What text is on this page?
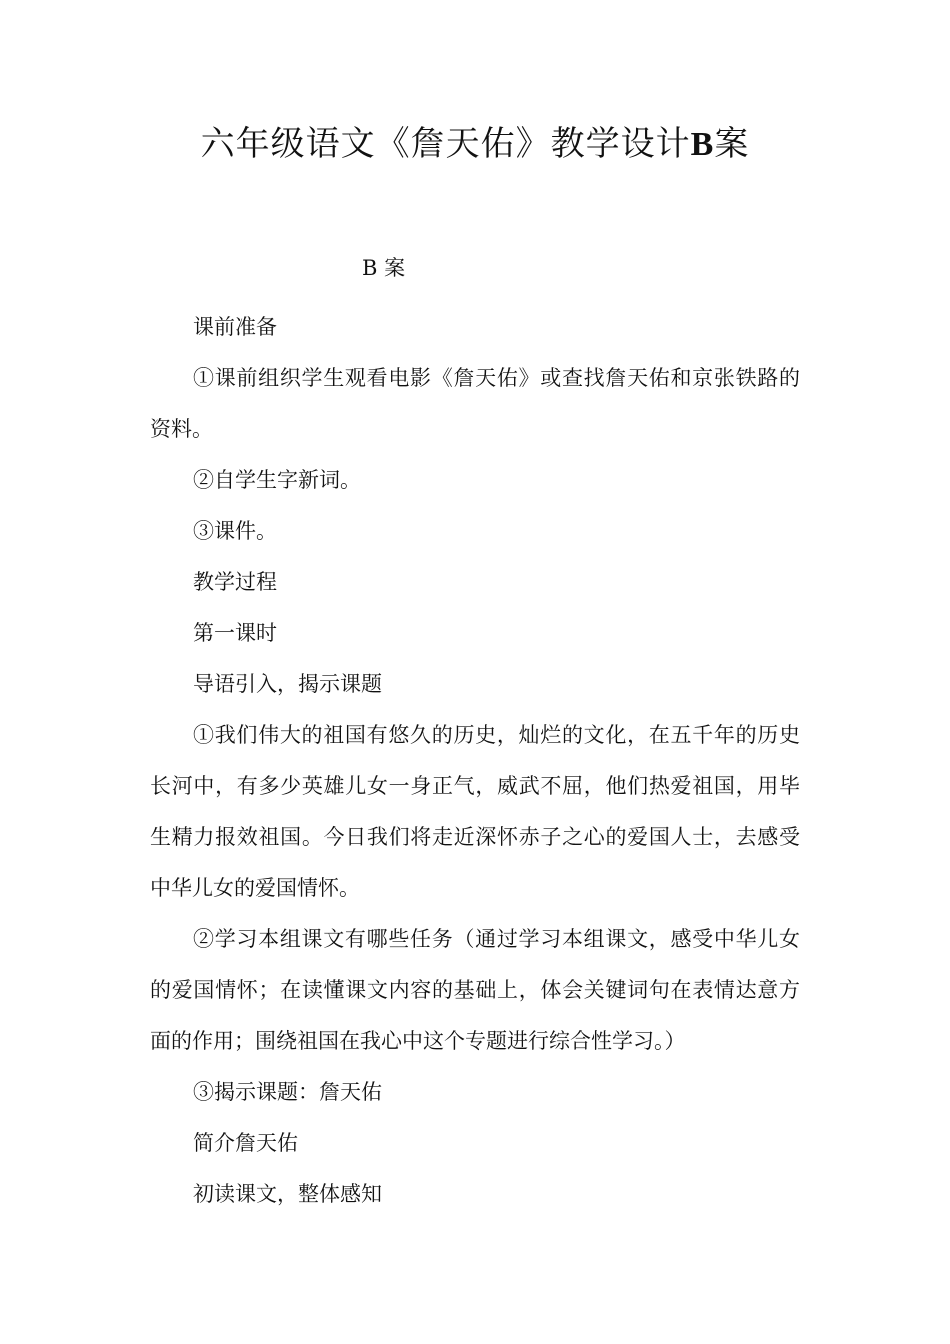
六年级语文《詹天佑》教学设计B案
B 案

课前准备

①课前组织学生观看电影《詹天佑》或查找詹天佑和京张铁路的资料。

②自学生字新词。

③课件。

教学过程

第一课时

导语引入，揭示课题

①我们伟大的祖国有悠久的历史，灿烂的文化，在五千年的历史长河中，有多少英雄儿女一身正气，威武不屈，他们热爱祖国，用毕生精力报效祖国。今日我们将走近深怀赤子之心的爱国人士，去感受中华儿女的爱国情怀。

②学习本组课文有哪些任务（通过学习本组课文，感受中华儿女的爱国情怀；在读懂课文内容的基础上，体会关键词句在表情达意方面的作用；围绕祖国在我心中这个专题进行综合性学习。）

③揭示课题：詹天佑

简介詹天佑

初读课文，整体感知
